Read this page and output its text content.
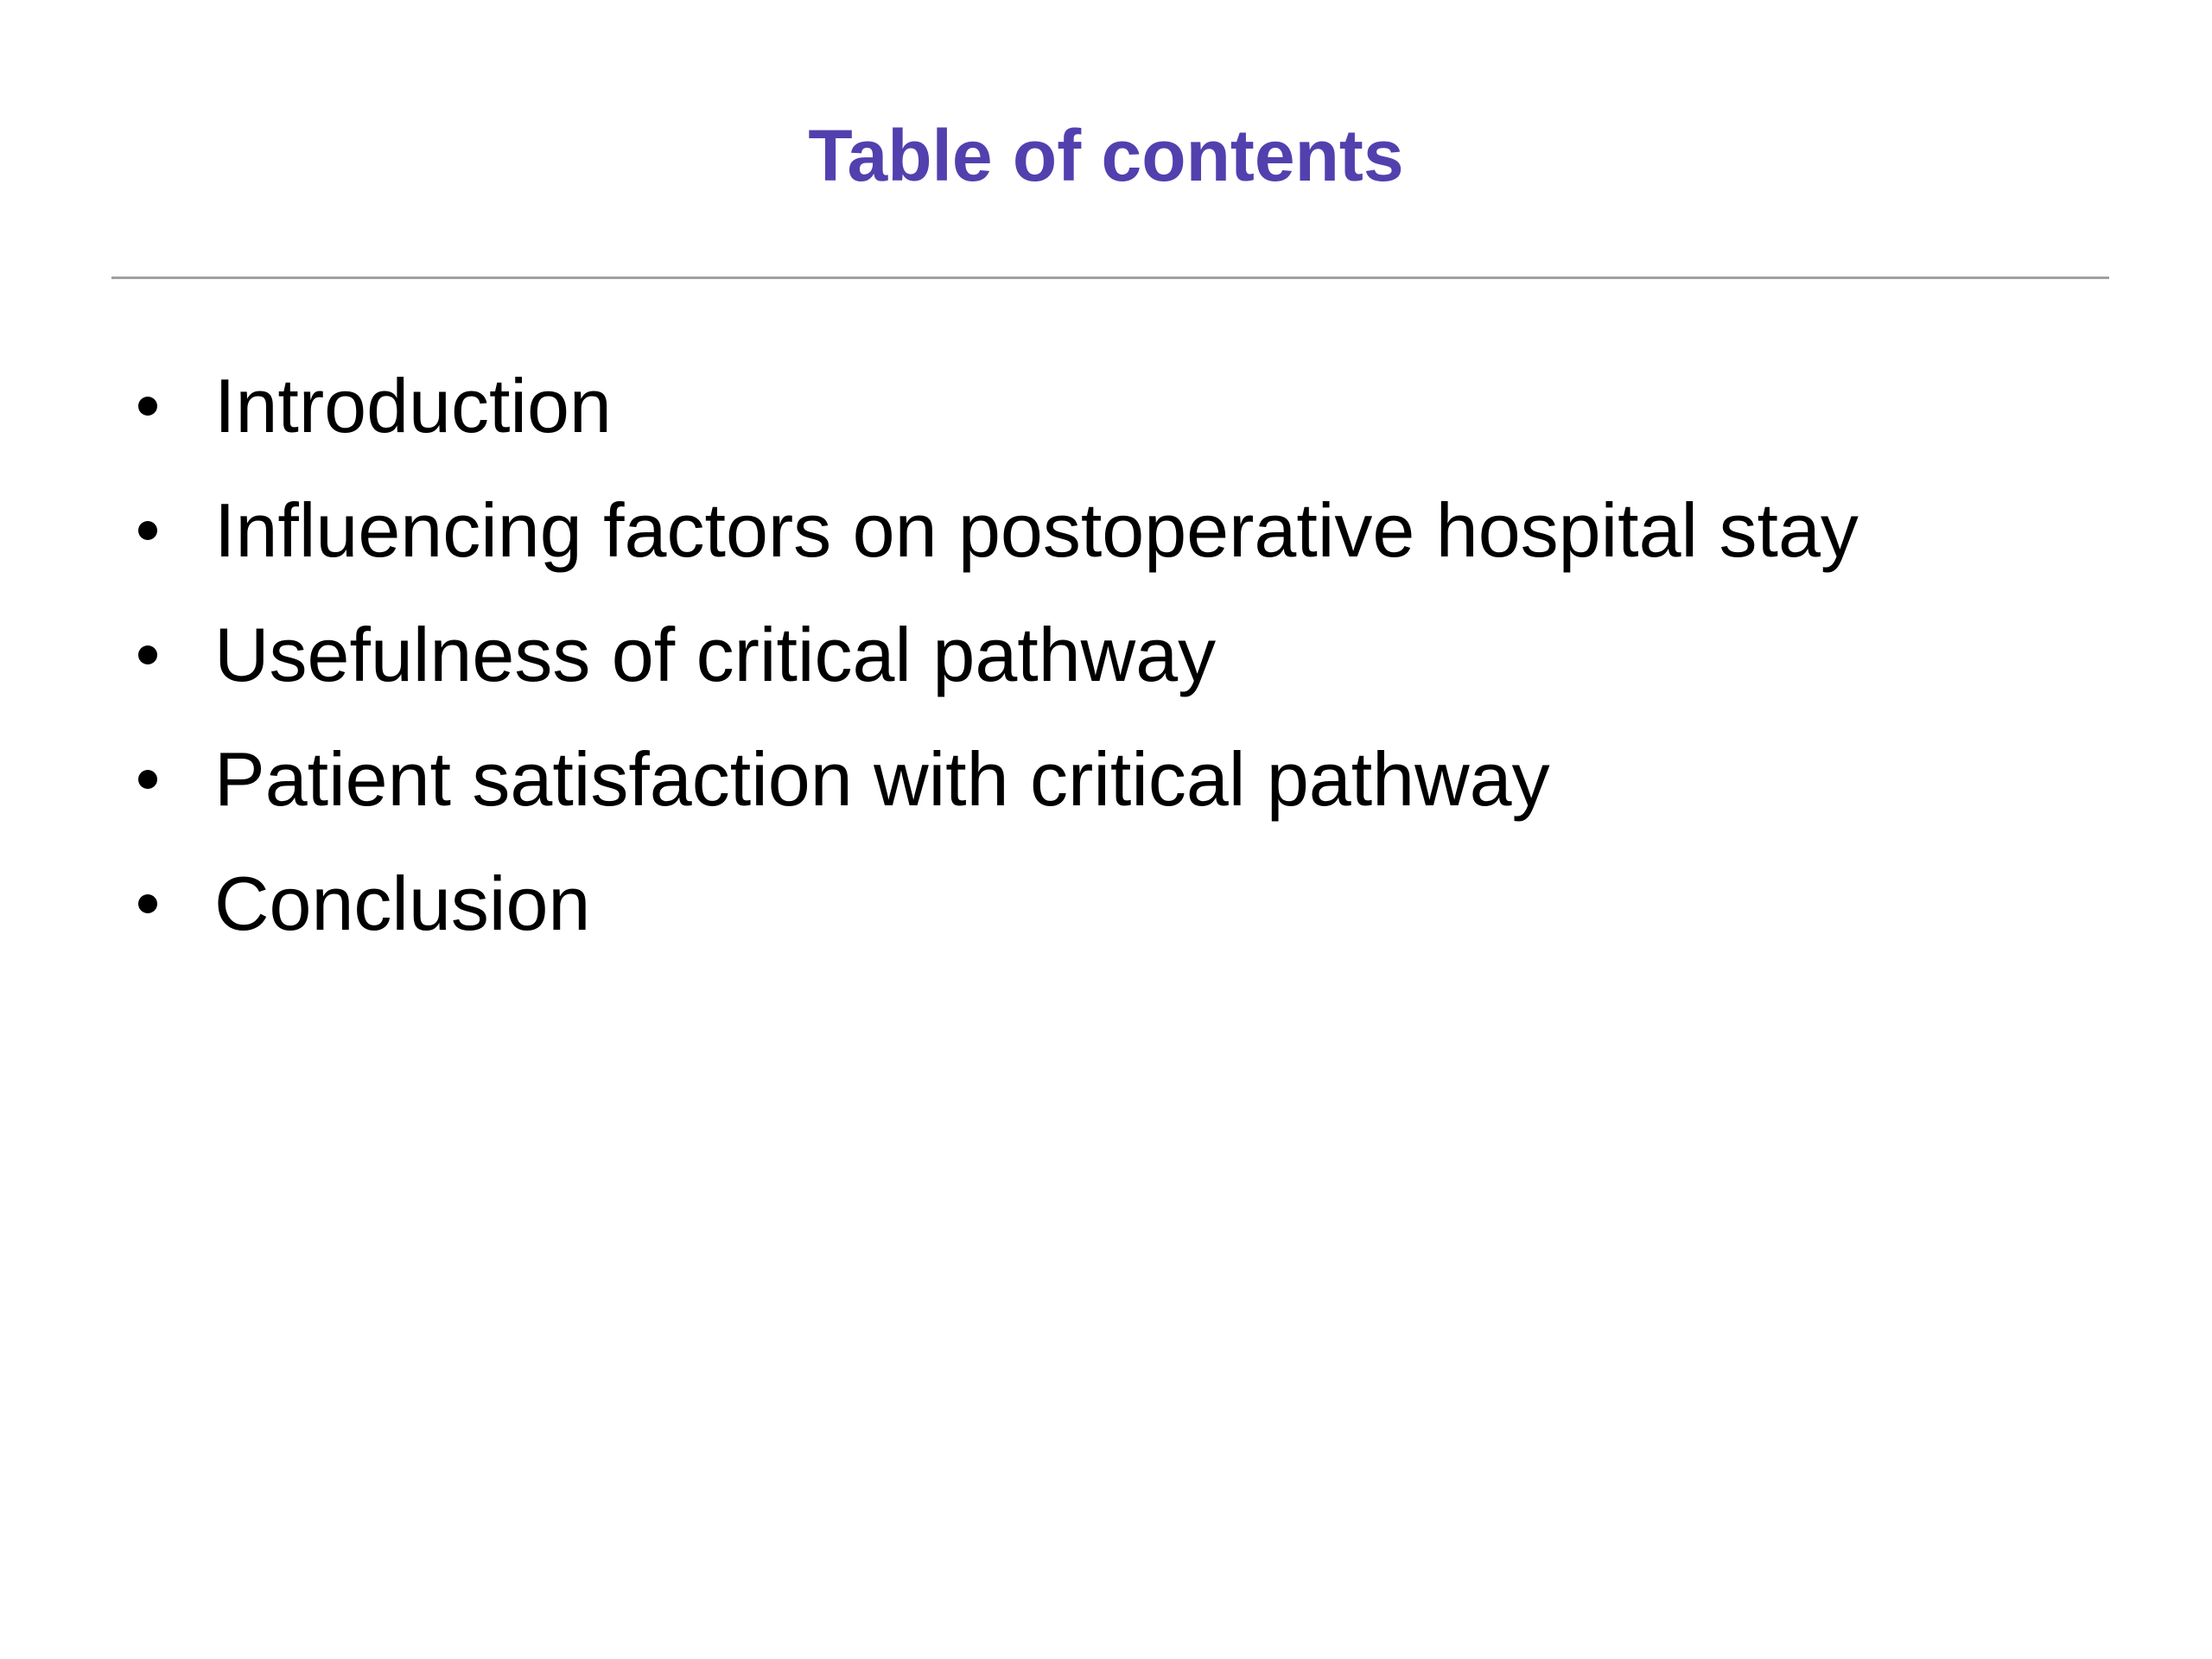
Table of contents
Introduction
Influencing factors on postoperative hospital stay
Usefulness of critical pathway
Patient satisfaction with critical pathway
Conclusion
